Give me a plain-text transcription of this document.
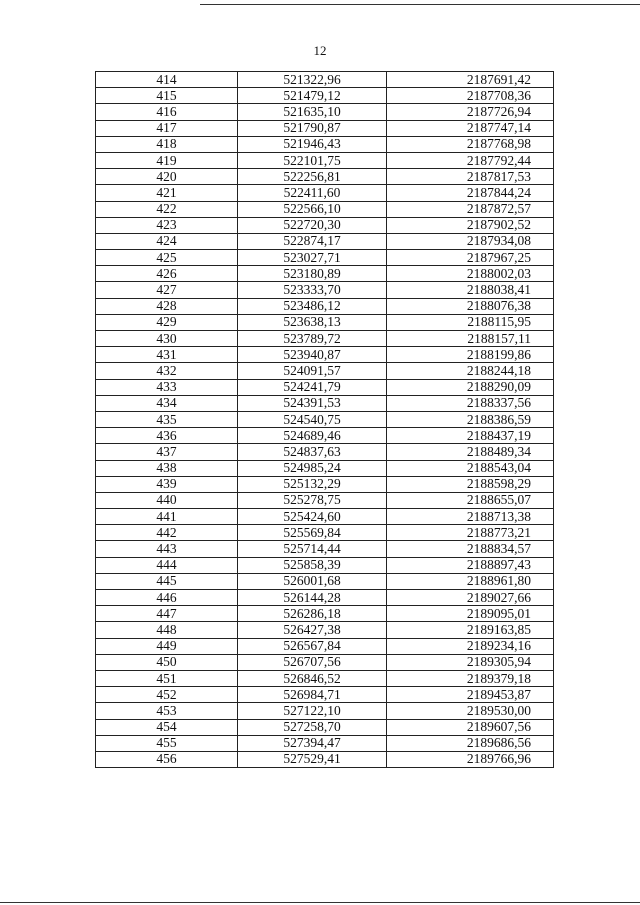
12
414	521322,96	2187691,42
415	521479,12	2187708,36
416	521635,10	2187726,94
417	521790,87	2187747,14
418	521946,43	2187768,98
419	522101,75	2187792,44
420	522256,81	2187817,53
421	522411,60	2187844,24
422	522566,10	2187872,57
423	522720,30	2187902,52
424	522874,17	2187934,08
425	523027,71	2187967,25
426	523180,89	2188002,03
427	523333,70	2188038,41
428	523486,12	2188076,38
429	523638,13	2188115,95
430	523789,72	2188157,11
431	523940,87	2188199,86
432	524091,57	2188244,18
433	524241,79	2188290,09
434	524391,53	2188337,56
435	524540,75	2188386,59
436	524689,46	2188437,19
437	524837,63	2188489,34
438	524985,24	2188543,04
439	525132,29	2188598,29
440	525278,75	2188655,07
441	525424,60	2188713,38
442	525569,84	2188773,21
443	525714,44	2188834,57
444	525858,39	2188897,43
445	526001,68	2188961,80
446	526144,28	2189027,66
447	526286,18	2189095,01
448	526427,38	2189163,85
449	526567,84	2189234,16
450	526707,56	2189305,94
451	526846,52	2189379,18
452	526984,71	2189453,87
453	527122,10	2189530,00
454	527258,70	2189607,56
455	527394,47	2189686,56
456	527529,41	2189766,96
